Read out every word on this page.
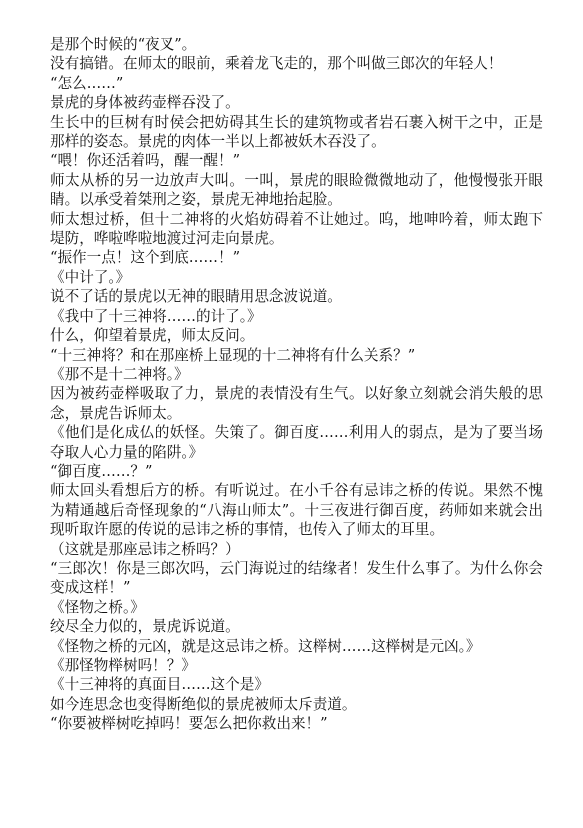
是那个时候的“夜叉”。

没有搞错。在师太的眼前，乘着龙飞走的，那个叫做三郎次的年轻人！

“怎么……”

景虎的身体被药壶榉吞没了。

生长中的巨树有时侯会把妨碍其生长的建筑物或者岩石裹入树干之中，正是那样的姿态。景虎的肉体一半以上都被妖木吞没了。

“喂！你还活着吗，醒一醒！”

师太从桥的另一边放声大叫。一叫，景虎的眼睑微微地动了，他慢慢张开眼睛。以承受着桀刑之姿，景虎无神地抬起脸。

师太想过桥，但十二神将的火焰妨碍着不让她过。呜，地呻吟着，师太跑下堤防，哗啦哗啦地渡过河走向景虎。

“振作一点！这个到底……！”

《中计了。》

说不了话的景虎以无神的眼睛用思念波说道。

《我中了十三神将……的计了。》

什么，仰望着景虎，师太反问。

“十三神将？和在那座桥上显现的十二神将有什么关系？”

《那不是十二神将。》

因为被药壶榉吸取了力，景虎的表情没有生气。以好象立刻就会消失般的思念，景虎告诉师太。

《他们是化成仏的妖怪。失策了。御百度……利用人的弱点，是为了要当场夺取人心力量的陷阱。》

“御百度……？”

师太回头看想后方的桥。有听说过。在小千谷有忌讳之桥的传说。果然不愧为精通越后奇怪现象的“八海山师太”。十三夜进行御百度，药师如来就会出现听取许愿的传说的忌讳之桥的事情，也传入了师太的耳里。

（这就是那座忌讳之桥吗？）

“三郎次！你是三郎次吗，云门海说过的结缘者！发生什么事了。为什么你会变成这样！”

《怪物之桥。》

绞尽全力似的，景虎诉说道。

《怪物之桥的元凶，就是这忌讳之桥。这榉树……这榉树是元凶。》

《那怪物榉树吗！？》

《十三神将的真面目……这个是》

如今连思念也变得断绝似的景虎被师太斥责道。

“你要被榉树吃掉吗！要怎么把你救出来！”
